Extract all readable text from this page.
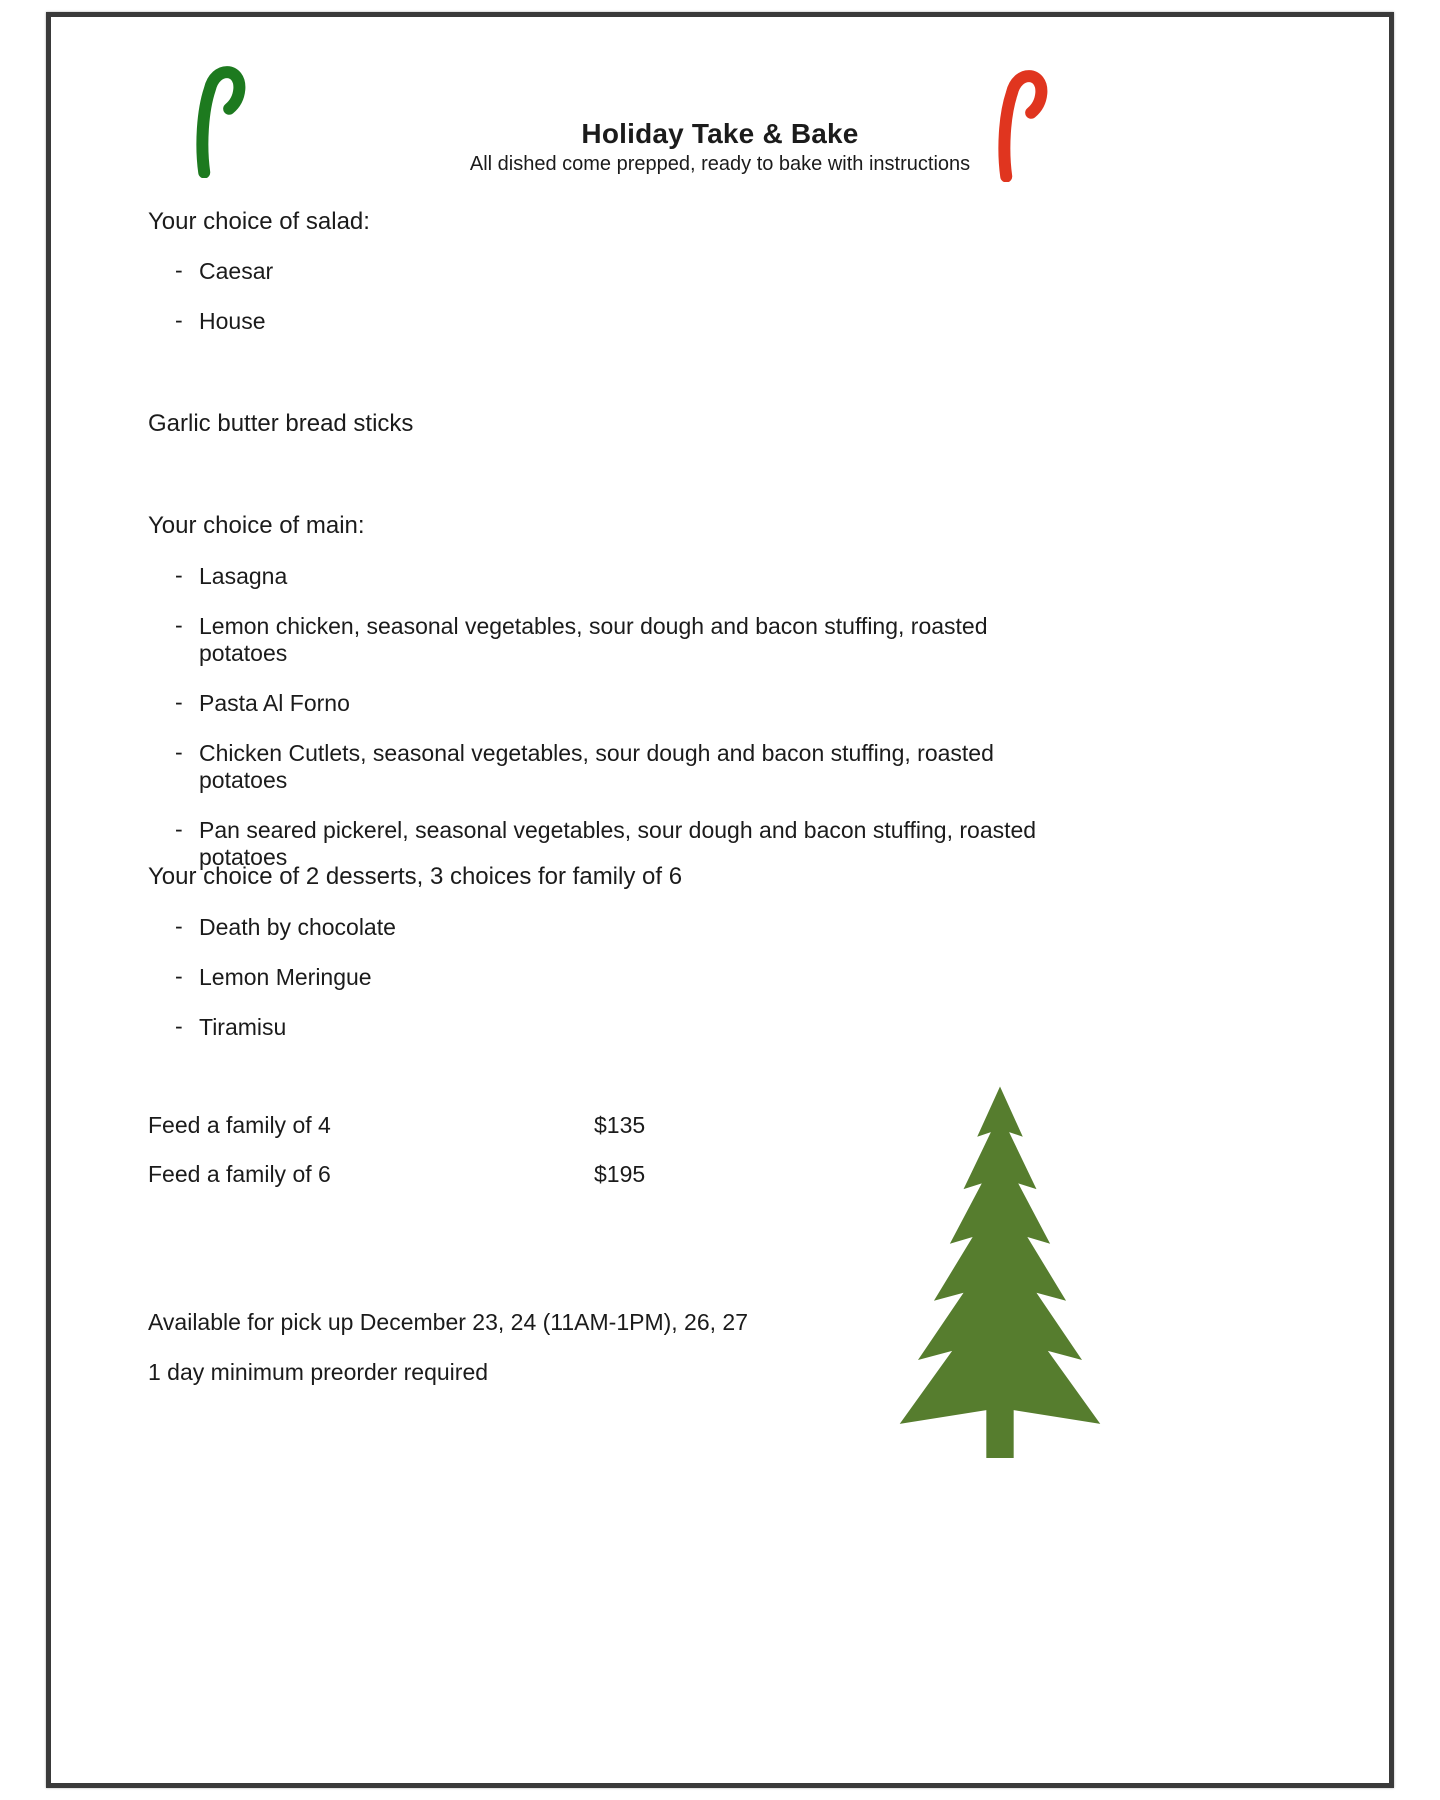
Holiday Take & Bake
All dished come prepped, ready to bake with instructions
Your choice of salad:
- Caesar
- House
Garlic butter bread sticks
Your choice of main:
- Lasagna
- Lemon chicken, seasonal vegetables, sour dough and bacon stuffing, roasted potatoes
- Pasta Al Forno
- Chicken Cutlets, seasonal vegetables, sour dough and bacon stuffing, roasted potatoes
- Pan seared pickerel, seasonal vegetables, sour dough and bacon stuffing, roasted potatoes
Your choice of 2 desserts, 3 choices for family of 6
- Death by chocolate
- Lemon Meringue
- Tiramisu
Feed a family of 4	$135
Feed a family of 6	$195
Available for pick up December 23, 24 (11AM-1PM), 26, 27
1 day minimum preorder required
